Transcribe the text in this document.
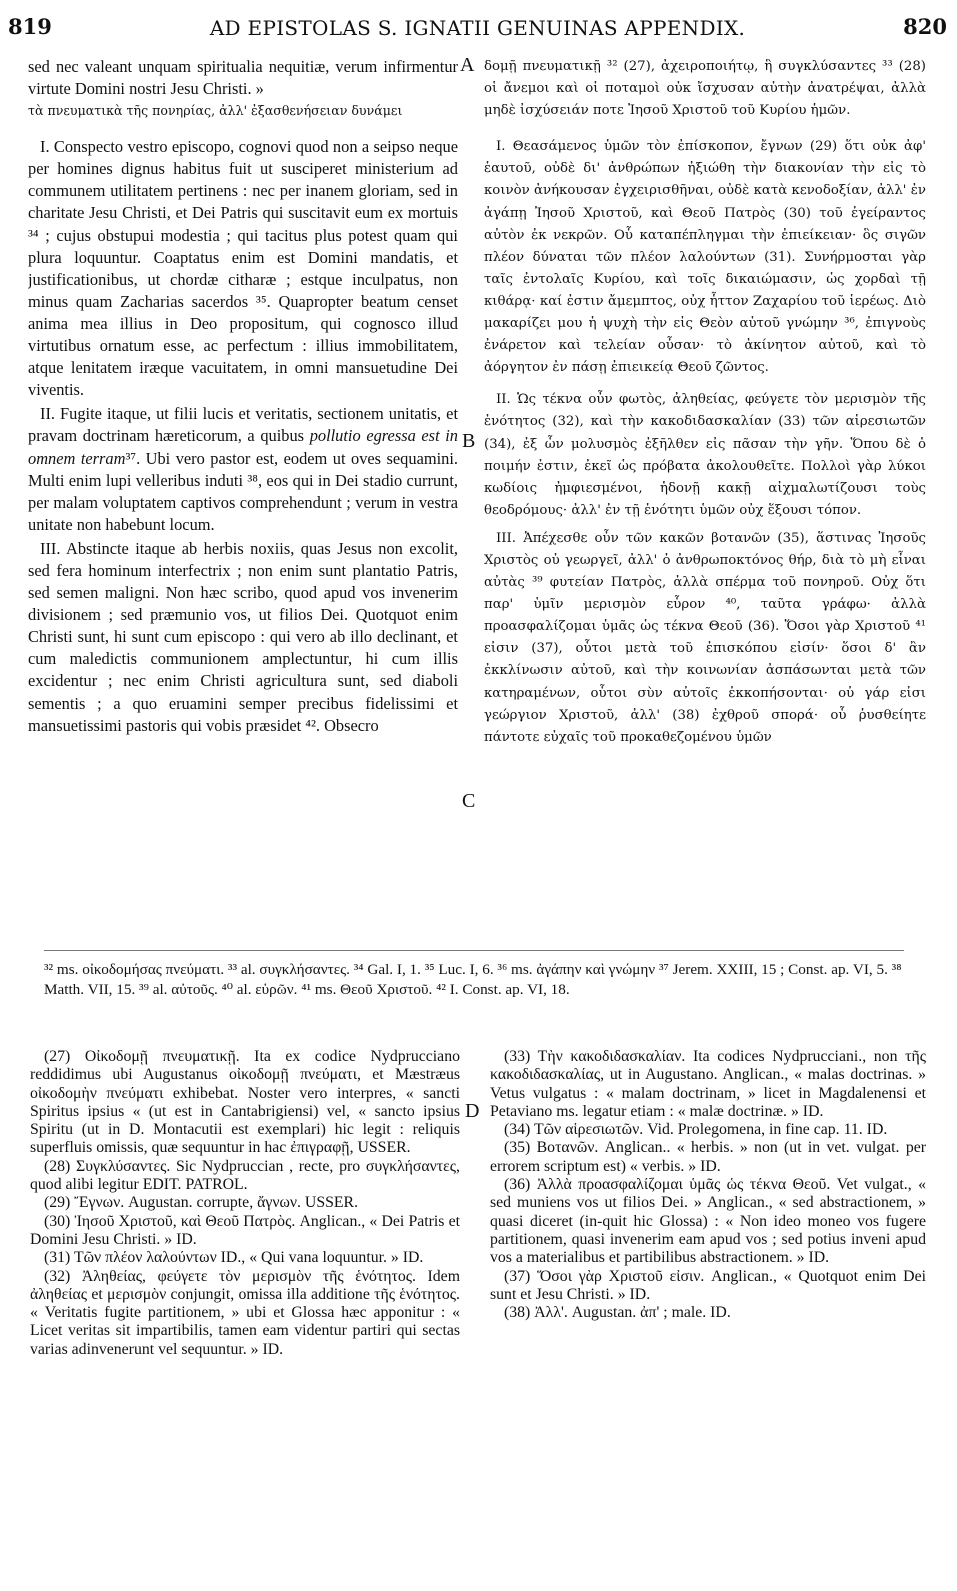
819	AD EPISTOLAS S. IGNATII GENUINAS APPENDIX.	820
A
B
C
D

sed nec valeant unquam spiritualia nequitiæ, verum infirmentur virtute Domini nostri Jesu Christi. »

τὰ πνευματικὰ τῆς πονηρίας, ἀλλ' ἐξασθενήσειαν δυνάμει

I. Conspecto vestro episcopo, cognovi quod non a seipso neque per homines dignus habitus fuit ut susciperet ministerium ad communem utilitatem pertinens : nec per inanem gloriam, sed in charitate Jesu Christi, et Dei Patris qui suscitavit eum ex mortuis ³⁴ ; cujus obstupui modestia ; qui tacitus plus potest quam qui plura loquuntur. Coaptatus enim est Domini mandatis, et justificationibus, ut chordæ citharæ ; estque inculpatus, non minus quam Zacharias sacerdos ³⁵. Quapropter beatum censet anima mea illius in Deo propositum, qui cognosco illud virtutibus ornatum esse, ac perfectum : illius immobilitatem, atque lenitatem iræque vacuitatem, in omni mansuetudine Dei viventis.

II. Fugite itaque, ut filii lucis et veritatis, sectionem unitatis, et pravam doctrinam hæreticorum, a quibus pollutio egressa est in omnem terram³⁷. Ubi vero pastor est, eodem ut oves sequamini. Multi enim lupi velleribus induti ³⁸, eos qui in Dei stadio currunt, per malam voluptatem captivos comprehendunt ; verum in vestra unitate non habebunt locum.

III. Abstincte itaque ab herbis noxiis, quas Jesus non excolit, sed fera hominum interfectrix ; non enim sunt plantatio Patris, sed semen maligni. Non hæc scribo, quod apud vos invenerim divisionem ; sed præmunio vos, ut filios Dei. Quotquot enim Christi sunt, hi sunt cum episcopo : qui vero ab illo declinant, et cum maledictis communionem amplectuntur, hi cum illis excidentur ; nec enim Christi agricultura sunt, sed diaboli sementis ; a quo eruamini semper precibus fidelissimi et mansuetissimi pastoris qui vobis præsidet ⁴². Obsecro

δομῇ πνευματικῇ ³² (27), ἀχειροποιήτῳ, ἣ συγκλύσαντες ³³ (28) οἱ ἄνεμοι καὶ οἱ ποταμοὶ οὐκ ἴσχυσαν αὐτὴν ἀνατρέψαι, ἀλλὰ μηδὲ ἰσχύσειάν ποτε Ἰησοῦ Χριστοῦ τοῦ Κυρίου ἡμῶν.

I. Θεασάμενος ὑμῶν τὸν ἐπίσκοπον, ἔγνων (29) ὅτι οὐκ ἀφ' ἑαυτοῦ, οὐδὲ δι' ἀνθρώπων ἠξιώθη τὴν διακονίαν τὴν εἰς τὸ κοινὸν ἀνήκουσαν ἐγχειρισθῆναι, οὐδὲ κατὰ κενοδοξίαν, ἀλλ' ἐν ἀγάπῃ Ἰησοῦ Χριστοῦ, καὶ Θεοῦ Πατρὸς (30) τοῦ ἐγείραντος αὐτὸν ἐκ νεκρῶν. Οὗ καταπέπληγμαι τὴν ἐπιείκειαν· ὃς σιγῶν πλέον δύναται τῶν πλέον λαλούντων (31). Συνήρμοσται γὰρ ταῖς ἐντολαῖς Κυρίου, καὶ τοῖς δικαιώμασιν, ὡς χορδαὶ τῇ κιθάρᾳ· καί ἐστιν ἄμεμπτος, οὐχ ἧττον Ζαχαρίου τοῦ ἱερέως. Διὸ μακαρίζει μου ἡ ψυχὴ τὴν εἰς Θεὸν αὐτοῦ γνώμην ³⁶, ἐπιγνοὺς ἐνάρετον καὶ τελείαν οὖσαν· τὸ ἀκίνητον αὐτοῦ, καὶ τὸ ἀόργητον ἐν πάσῃ ἐπιεικείᾳ Θεοῦ ζῶντος.

II. Ὡς τέκνα οὖν φωτὸς, ἀληθείας, φεύγετε τὸν μερισμὸν τῆς ἑνότητος (32), καὶ τὴν κακοδιδασκαλίαν (33) τῶν αἱρεσιωτῶν (34), ἐξ ὧν μολυσμὸς ἐξῆλθεν εἰς πᾶσαν τὴν γῆν. Ὅπου δὲ ὁ ποιμήν ἐστιν, ἐκεῖ ὡς πρόβατα ἀκολουθεῖτε. Πολλοὶ γὰρ λύκοι κωδίοις ἠμφιεσμένοι, ἡδονῇ κακῇ αἰχμαλωτίζουσι τοὺς θεοδρόμους· ἀλλ' ἐν τῇ ἑνότητι ὑμῶν οὐχ ἕξουσι τόπον.

III. Ἀπέχεσθε οὖν τῶν κακῶν βοτανῶν (35), ἅστινας Ἰησοῦς Χριστὸς οὐ γεωργεῖ, ἀλλ' ὁ ἀνθρωποκτόνος θήρ, διὰ τὸ μὴ εἶναι αὐτὰς ³⁹ φυτείαν Πατρὸς, ἀλλὰ σπέρμα τοῦ πονηροῦ. Οὐχ ὅτι παρ' ὑμῖν μερισμὸν εὗρον ⁴⁰, ταῦτα γράφω· ἀλλὰ προασφαλίζομαι ὑμᾶς ὡς τέκνα Θεοῦ (36). Ὅσοι γὰρ Χριστοῦ ⁴¹ εἰσιν (37), οὗτοι μετὰ τοῦ ἐπισκόπου εἰσίν· ὅσοι δ' ἂν ἐκκλίνωσιν αὐτοῦ, καὶ τὴν κοινωνίαν ἀσπάσωνται μετὰ τῶν κατηραμένων, οὗτοι σὺν αὐτοῖς ἐκκοπήσονται· οὐ γάρ εἰσι γεώργιον Χριστοῦ, ἀλλ' (38) ἐχθροῦ σπορά· οὗ ῥυσθείητε πάντοτε εὐχαῖς τοῦ προκαθεζομένου ὑμῶν

³² ms. οἰκοδομήσας πνεύματι. ³³ al. συγκλήσαντες. ³⁴ Gal. I, 1. ³⁵ Luc. I, 6. ³⁶ ms. ἀγάπην καὶ γνώμην ³⁷ Jerem. XXIII, 15 ; Const. ap. VI, 5. ³⁸ Matth. VII, 15. ³⁹ al. αὐτοῦς. ⁴⁰ al. εὑρῶν. ⁴¹ ms. Θεοῦ Χριστοῦ. ⁴² I. Const. ap. VI, 18.

(27) Οἰκοδομῇ πνευματικῇ. Ita ex codice Nydprucciano reddidimus ubi Augustanus οἰκοδομῇ πνεύματι, et Mæstræus οἰκοδομὴν πνεύματι exhibebat. Noster vero interpres, « sancti Spiritus ipsius « (ut est in Cantabrigiensi) vel, « sancto ipsius Spiritu (ut in D. Montacutii est exemplari) hic legit : reliquis superfluis omissis, quæ sequuntur in hac ἐπιγραφῇ, USSER.

(28) Συγκλύσαντες. Sic Nydpruccian , recte, pro συγκλήσαντες, quod alibi legitur EDIT. PATROL.

(29) Ἔγνων. Augustan. corrupte, ἄγνων. USSER.

(30) Ἰησοῦ Χριστοῦ, καὶ Θεοῦ Πατρὸς. Anglican., « Dei Patris et Domini Jesu Christi. » ID.

(31) Τῶν πλέον λαλούντων ID., « Qui vana loquuntur. » ID.

(32) Ἀληθείας, φεύγετε τὸν μερισμὸν τῆς ἑνότητος. Idem ἀληθείας et μερισμὸν conjungit, omissa illa additione τῆς ἑνότητος. « Veritatis fugite partitionem, » ubi et Glossa hæc apponitur : « Licet veritas sit impartibilis, tamen eam videntur partiri qui sectas varias adinvenerunt vel sequuntur. » ID.

(33) Τὴν κακοδιδασκαλίαν. Ita codices Nydprucciani., non τῆς κακοδιδασκαλίας, ut in Augustano. Anglican., « malas doctrinas. » Vetus vulgatus : « malam doctrinam, » licet in Magdalenensi et Petaviano ms. legatur etiam : « malæ doctrinæ. » ID.

(34) Τῶν αἱρεσιωτῶν. Vid. Prolegomena, in fine cap. 11. ID.

(35) Βοτανῶν. Anglican.. « herbis. » non (ut in vet. vulgat. per errorem scriptum est) « verbis. » ID.

(36) Ἀλλὰ προασφαλίζομαι ὑμᾶς ὡς τέκνα Θεοῦ. Vet vulgat., « sed muniens vos ut filios Dei. » Anglican., « sed abstractionem, » quasi diceret (in-quit hic Glossa) : « Non ideo moneo vos fugere partitionem, quasi invenerim eam apud vos ; sed potius inveni apud vos a materialibus et partibilibus abstractionem. » ID.

(37) Ὅσοι γὰρ Χριστοῦ εἰσιν. Anglican., « Quotquot enim Dei sunt et Jesu Christi. » ID.

(38) Ἀλλ'. Augustan. ἀπ' ; male. ID.
